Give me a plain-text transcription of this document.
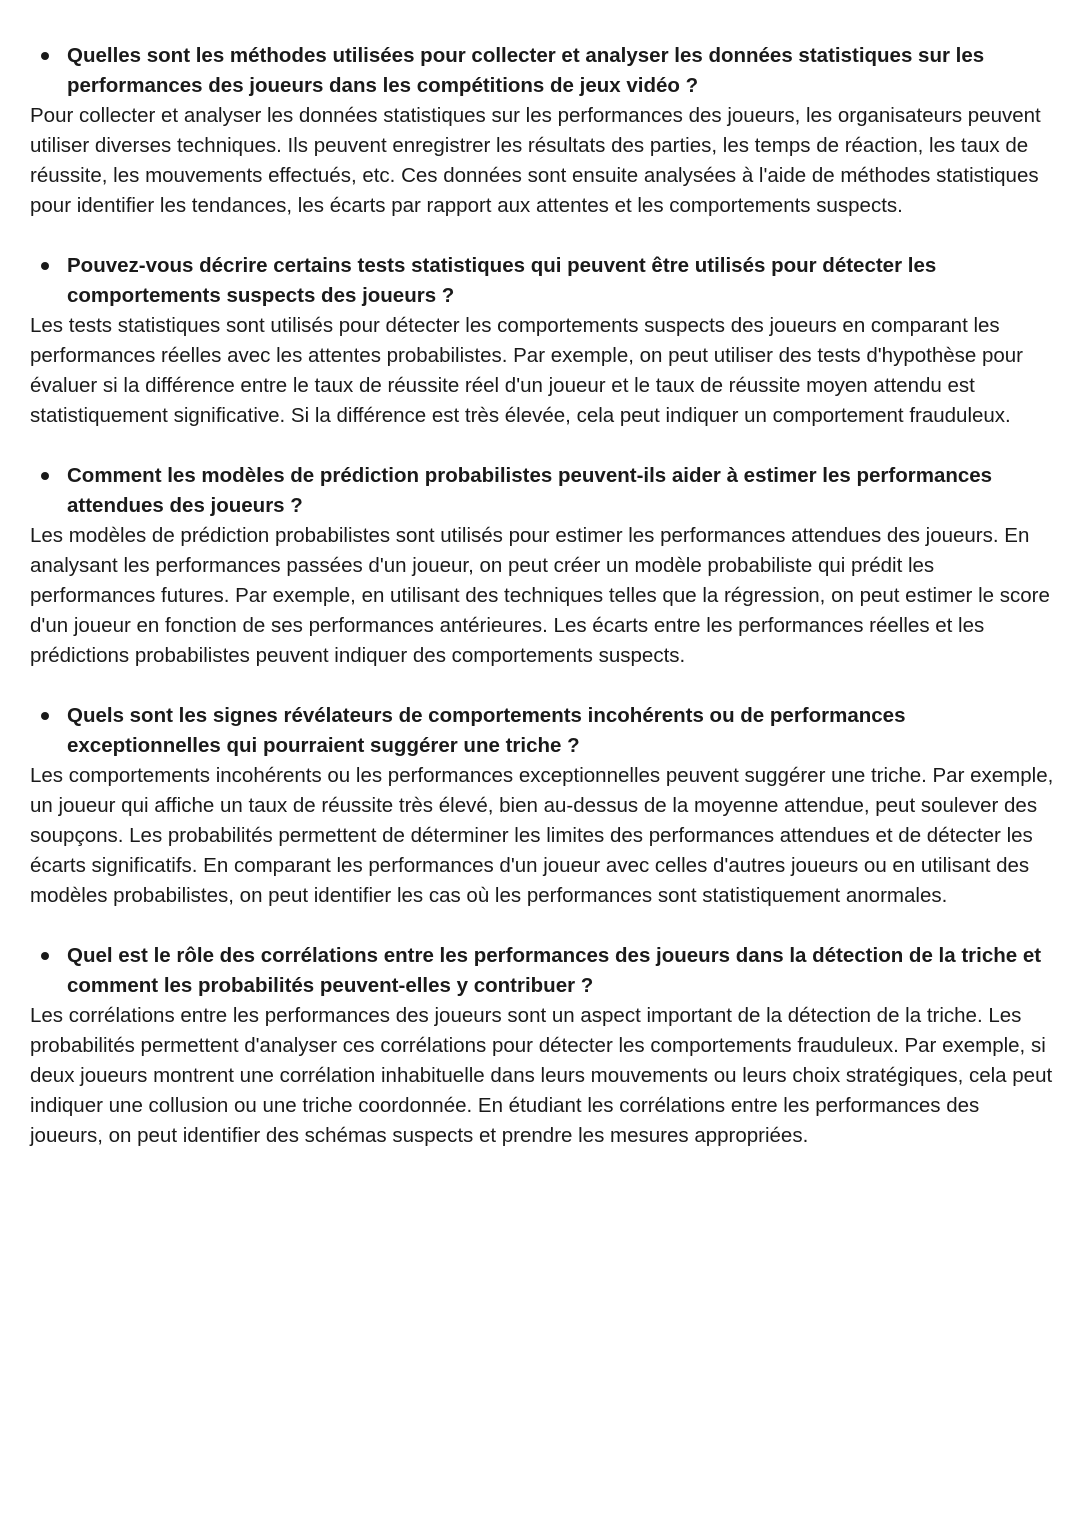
Quelles sont les méthodes utilisées pour collecter et analyser les données statistiques sur les performances des joueurs dans les compétitions de jeux vidéo ?

Pour collecter et analyser les données statistiques sur les performances des joueurs, les organisateurs peuvent utiliser diverses techniques. Ils peuvent enregistrer les résultats des parties, les temps de réaction, les taux de réussite, les mouvements effectués, etc. Ces données sont ensuite analysées à l'aide de méthodes statistiques pour identifier les tendances, les écarts par rapport aux attentes et les comportements suspects.

Pouvez-vous décrire certains tests statistiques qui peuvent être utilisés pour détecter les comportements suspects des joueurs ?

Les tests statistiques sont utilisés pour détecter les comportements suspects des joueurs en comparant les performances réelles avec les attentes probabilistes. Par exemple, on peut utiliser des tests d'hypothèse pour évaluer si la différence entre le taux de réussite réel d'un joueur et le taux de réussite moyen attendu est statistiquement significative. Si la différence est très élevée, cela peut indiquer un comportement frauduleux.

Comment les modèles de prédiction probabilistes peuvent-ils aider à estimer les performances attendues des joueurs ?

Les modèles de prédiction probabilistes sont utilisés pour estimer les performances attendues des joueurs. En analysant les performances passées d'un joueur, on peut créer un modèle probabiliste qui prédit les performances futures. Par exemple, en utilisant des techniques telles que la régression, on peut estimer le score d'un joueur en fonction de ses performances antérieures. Les écarts entre les performances réelles et les prédictions probabilistes peuvent indiquer des comportements suspects.

Quels sont les signes révélateurs de comportements incohérents ou de performances exceptionnelles qui pourraient suggérer une triche ?

Les comportements incohérents ou les performances exceptionnelles peuvent suggérer une triche. Par exemple, un joueur qui affiche un taux de réussite très élevé, bien au-dessus de la moyenne attendue, peut soulever des soupçons. Les probabilités permettent de déterminer les limites des performances attendues et de détecter les écarts significatifs. En comparant les performances d'un joueur avec celles d'autres joueurs ou en utilisant des modèles probabilistes, on peut identifier les cas où les performances sont statistiquement anormales.

Quel est le rôle des corrélations entre les performances des joueurs dans la détection de la triche et comment les probabilités peuvent-elles y contribuer ?

Les corrélations entre les performances des joueurs sont un aspect important de la détection de la triche. Les probabilités permettent d'analyser ces corrélations pour détecter les comportements frauduleux. Par exemple, si deux joueurs montrent une corrélation inhabituelle dans leurs mouvements ou leurs choix stratégiques, cela peut indiquer une collusion ou une triche coordonnée. En étudiant les corrélations entre les performances des joueurs, on peut identifier des schémas suspects et prendre les mesures appropriées.
